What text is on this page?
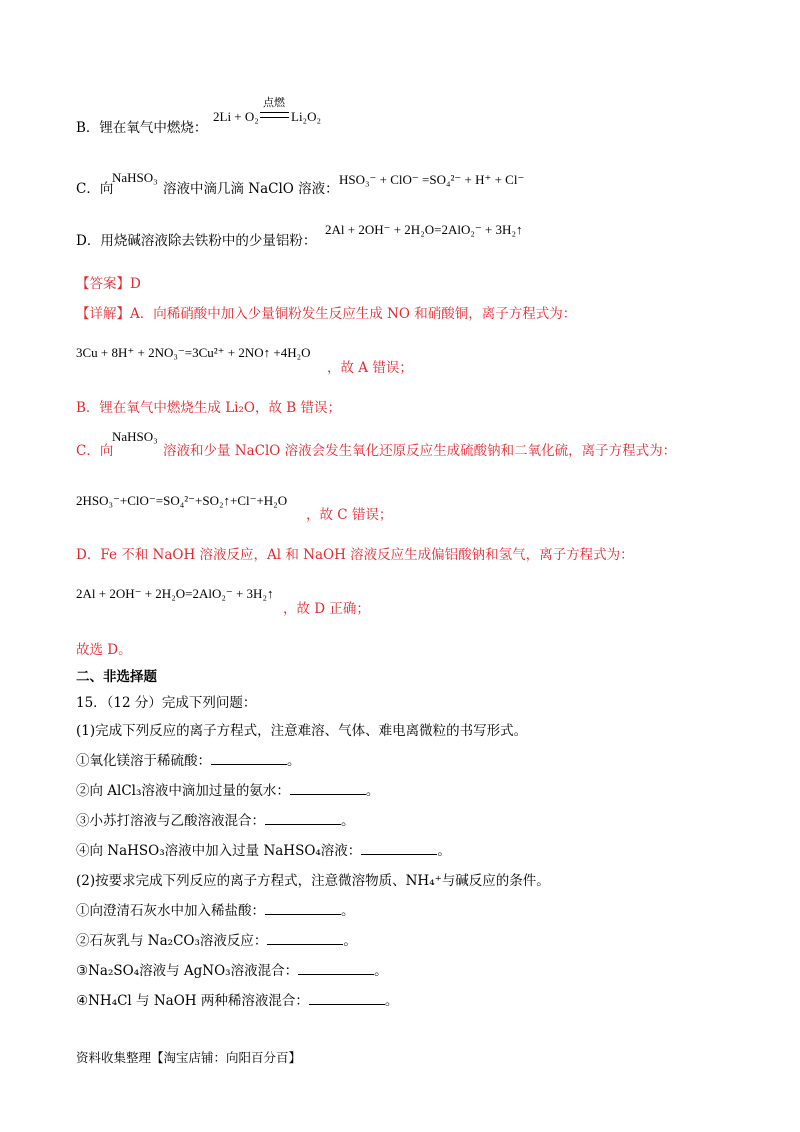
B．锂在氧气中燃烧：
2Li + O₂
点燃
Li₂O₂
C．向
NaHSO₃
溶液中滴几滴 NaClO 溶液：
HSO₃⁻ + ClO⁻ =SO₄²⁻ + H⁺ + Cl⁻
D．用烧碱溶液除去铁粉中的少量铝粉：
2Al + 2OH⁻ + 2H₂O=2AlO₂⁻ + 3H₂↑
【答案】D
【详解】A．向稀硝酸中加入少量铜粉发生反应生成 NO 和硝酸铜，离子方程式为：
3Cu + 8H⁺ + 2NO₃⁻=3Cu²⁺ + 2NO↑ +4H₂O
，故 A 错误；
B．锂在氧气中燃烧生成 Li₂O，故 B 错误；
C．向
NaHSO₃
溶液和少量 NaClO 溶液会发生氧化还原反应生成硫酸钠和二氧化硫，离子方程式为：
2HSO₃⁻+ClO⁻=SO₄²⁻+SO₂↑+Cl⁻+H₂O
，故 C 错误；
D．Fe 不和 NaOH 溶液反应，Al 和 NaOH 溶液反应生成偏铝酸钠和氢气，离子方程式为：
2Al + 2OH⁻ + 2H₂O=2AlO₂⁻ + 3H₂↑
，故 D 正确；
故选 D。
二、非选择题
15．（12 分）完成下列问题：
(1)完成下列反应的离子方程式，注意难溶、气体、难电离微粒的书写形式。
①氧化镁溶于稀硫酸：	。
②向 AlCl₃溶液中滴加过量的氨水：	。
③小苏打溶液与乙酸溶液混合：	。
④向 NaHSO₃溶液中加入过量 NaHSO₄溶液：	。
(2)按要求完成下列反应的离子方程式，注意微溶物质、NH₄⁺与碱反应的条件。
①向澄清石灰水中加入稀盐酸：	。
②石灰乳与 Na₂CO₃溶液反应：	。
③Na₂SO₄溶液与 AgNO₃溶液混合：	。
④NH₄Cl 与 NaOH 两种稀溶液混合：	。
资料收集整理【淘宝店铺：向阳百分百】
